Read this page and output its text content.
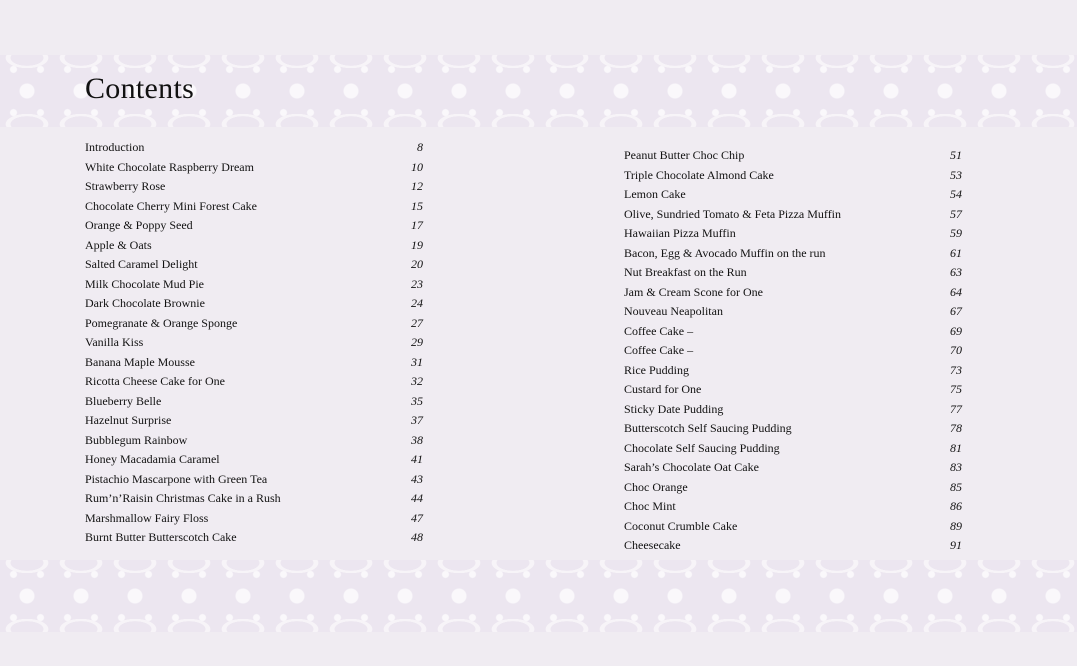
Contents
Introduction	8
White Chocolate Raspberry Dream	10
Strawberry Rose	12
Chocolate Cherry Mini Forest Cake	15
Orange & Poppy Seed	17
Apple & Oats	19
Salted Caramel Delight	20
Milk Chocolate Mud Pie	23
Dark Chocolate Brownie	24
Pomegranate & Orange Sponge	27
Vanilla Kiss	29
Banana Maple Mousse	31
Ricotta Cheese Cake for One	32
Blueberry Belle	35
Hazelnut Surprise	37
Bubblegum Rainbow	38
Honey Macadamia Caramel	41
Pistachio Mascarpone with Green Tea	43
Rum’n’Raisin Christmas Cake in a Rush	44
Marshmallow Fairy Floss	47
Burnt Butter Butterscotch Cake	48
Peanut Butter Choc Chip	51
Triple Chocolate Almond Cake	53
Lemon Cake	54
Olive, Sundried Tomato & Feta Pizza Muffin	57
Hawaiian Pizza Muffin	59
Bacon, Egg & Avocado Muffin on the run	61
Nut Breakfast on the Run	63
Jam & Cream Scone for One	64
Nouveau Neapolitan	67
Coffee Cake –	69
Coffee Cake –	70
Rice Pudding	73
Custard for One	75
Sticky Date Pudding	77
Butterscotch Self Saucing Pudding	78
Chocolate Self Saucing Pudding	81
Sarah’s Chocolate Oat Cake	83
Choc Orange	85
Choc Mint	86
Coconut Crumble Cake	89
Cheesecake	91
